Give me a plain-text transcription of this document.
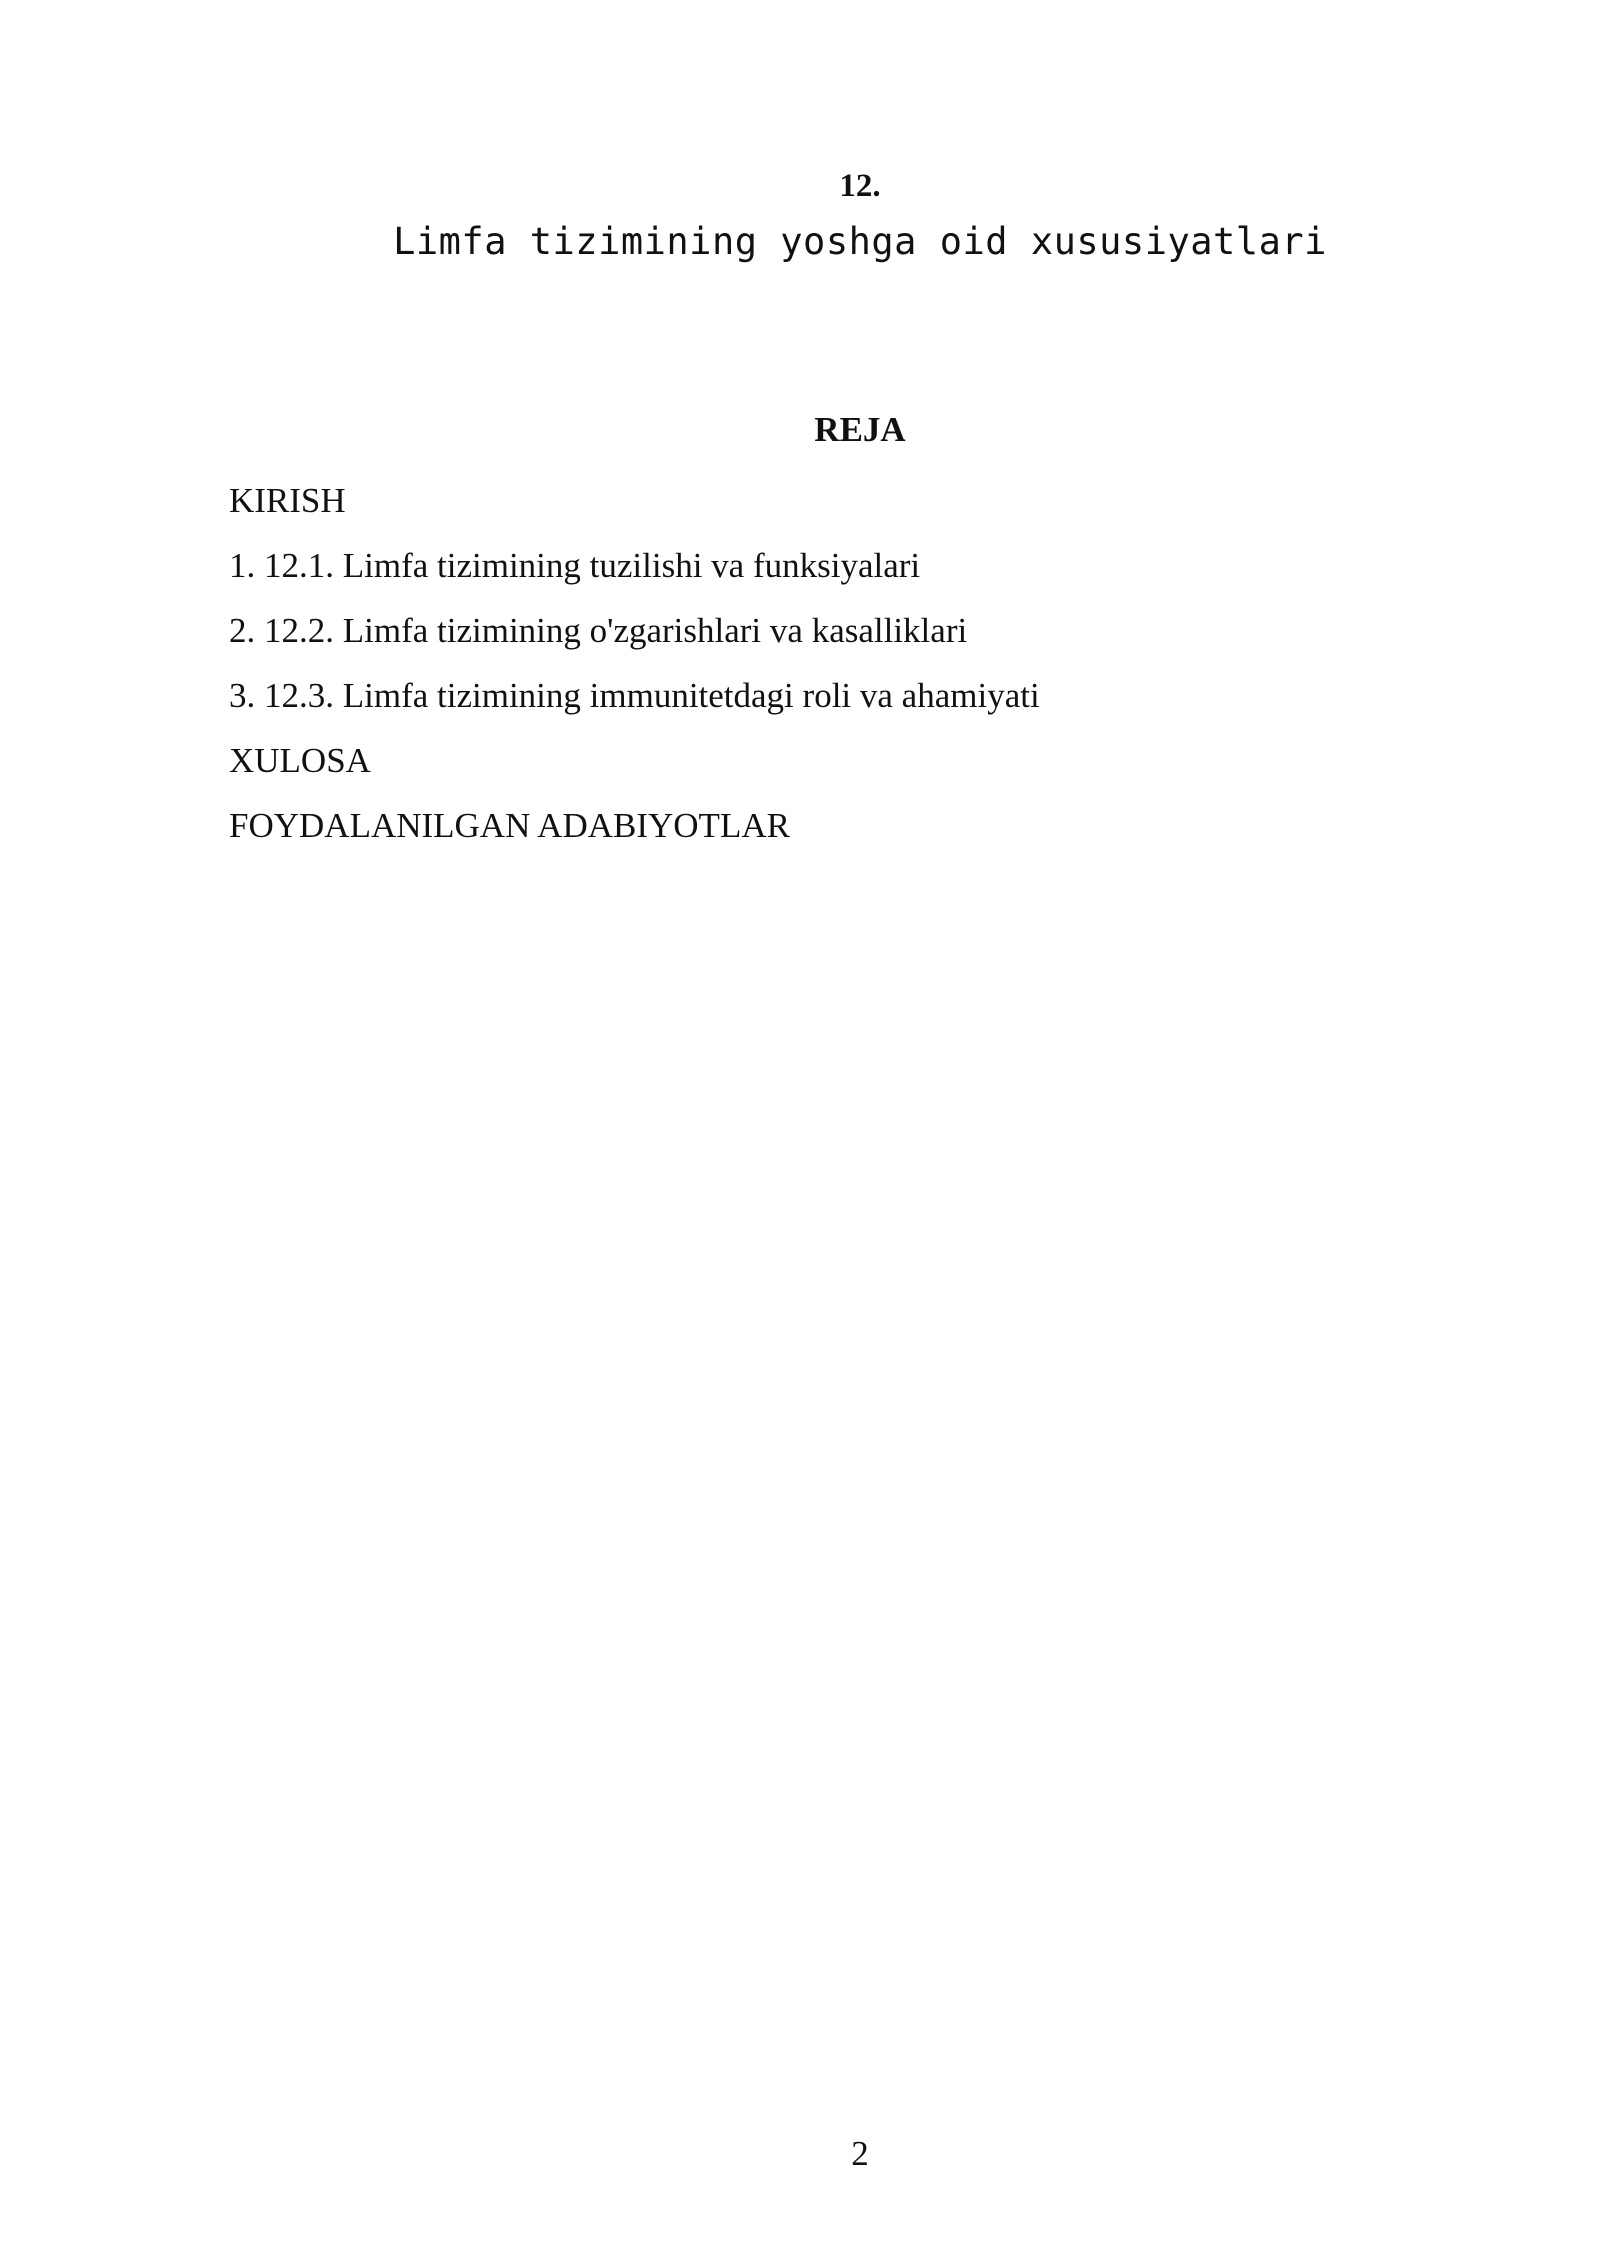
12.
Limfa tizimining yoshga oid xususiyatlari
REJA
KIRISH
1. 12.1. Limfa tizimining tuzilishi va funksiyalari
2. 12.2. Limfa tizimining o'zgarishlari va kasalliklari
3. 12.3. Limfa tizimining immunitetdagi roli va ahamiyati
XULOSA
FOYDALANILGAN ADABIYOTLAR
2
